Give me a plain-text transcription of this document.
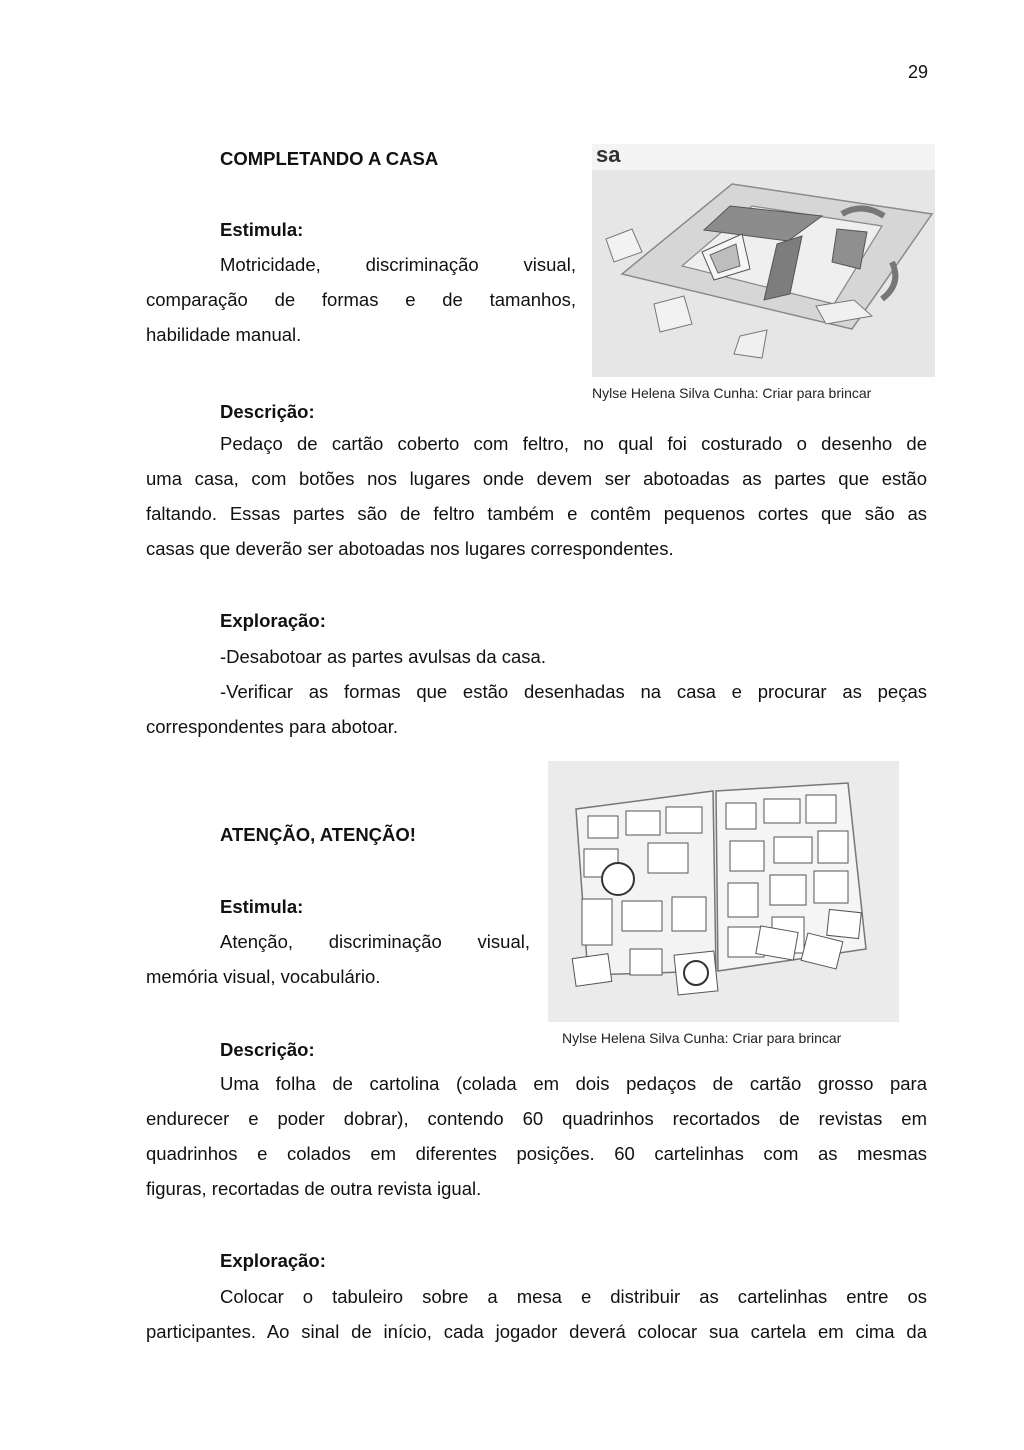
29
COMPLETANDO A CASA
Estimula:
Motricidade, discriminação visual,
comparação de formas e de tamanhos,
habilidade manual.
sa
Nylse Helena Silva Cunha: Criar para brincar
Descrição:
Pedaço de cartão coberto com feltro, no qual foi costurado o desenho de
uma casa, com botões nos lugares onde devem ser abotoadas as partes que estão
faltando. Essas partes são de feltro também e contêm pequenos cortes que são as
casas que deverão ser abotoadas nos lugares correspondentes.
Exploração:
-Desabotoar as partes avulsas da casa.
-Verificar as formas que estão desenhadas na casa e procurar as peças
correspondentes para abotoar.
ATENÇÃO, ATENÇÃO!
Estimula:
Atenção, discriminação visual,
memória visual, vocabulário.
Nylse Helena Silva Cunha: Criar para brincar
Descrição:
Uma folha de cartolina (colada em dois pedaços de cartão grosso para
endurecer e poder dobrar), contendo 60 quadrinhos recortados de revistas em
quadrinhos e colados em diferentes posições. 60 cartelinhas com as mesmas
figuras, recortadas de outra revista igual.
Exploração:
Colocar o tabuleiro sobre a mesa e distribuir as cartelinhas entre os
participantes. Ao sinal de início, cada jogador deverá colocar sua cartela em cima da
